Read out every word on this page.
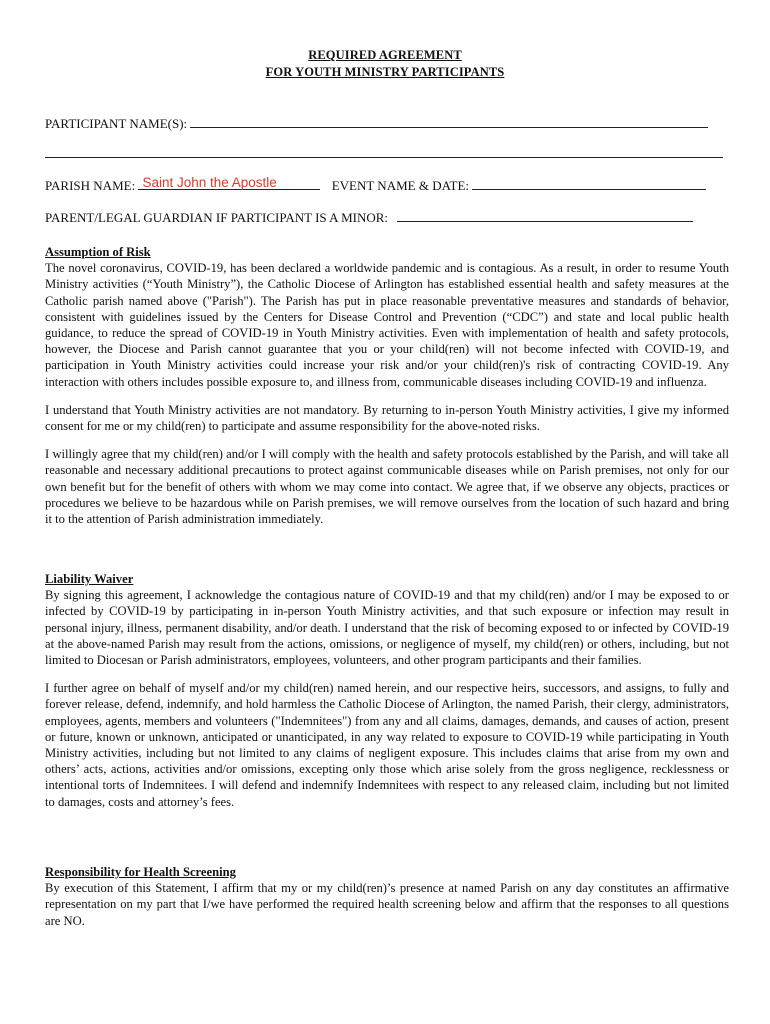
REQUIRED AGREEMENT
FOR YOUTH MINISTRY PARTICIPANTS
PARTICIPANT NAME(S):
PARISH NAME: Saint John the Apostle	EVENT NAME & DATE:
PARENT/LEGAL GUARDIAN IF PARTICIPANT IS A MINOR:
Assumption of Risk
The novel coronavirus, COVID-19, has been declared a worldwide pandemic and is contagious. As a result, in order to resume Youth Ministry activities (“Youth Ministry”), the Catholic Diocese of Arlington has established essential health and safety measures at the Catholic parish named above ("Parish"). The Parish has put in place reasonable preventative measures and standards of behavior, consistent with guidelines issued by the Centers for Disease Control and Prevention (“CDC”) and state and local public health guidance, to reduce the spread of COVID-19 in Youth Ministry activities. Even with implementation of health and safety protocols, however, the Diocese and Parish cannot guarantee that you or your child(ren) will not become infected with COVID-19, and participation in Youth Ministry activities could increase your risk and/or your child(ren)'s risk of contracting COVID-19. Any interaction with others includes possible exposure to, and illness from, communicable diseases including COVID-19 and influenza.
I understand that Youth Ministry activities are not mandatory. By returning to in-person Youth Ministry activities, I give my informed consent for me or my child(ren) to participate and assume responsibility for the above-noted risks.
I willingly agree that my child(ren) and/or I will comply with the health and safety protocols established by the Parish, and will take all reasonable and necessary additional precautions to protect against communicable diseases while on Parish premises, not only for our own benefit but for the benefit of others with whom we may come into contact. We agree that, if we observe any objects, practices or procedures we believe to be hazardous while on Parish premises, we will remove ourselves from the location of such hazard and bring it to the attention of Parish administration immediately.
Liability Waiver
By signing this agreement, I acknowledge the contagious nature of COVID-19 and that my child(ren) and/or I may be exposed to or infected by COVID-19 by participating in in-person Youth Ministry activities, and that such exposure or infection may result in personal injury, illness, permanent disability, and/or death. I understand that the risk of becoming exposed to or infected by COVID-19 at the above-named Parish may result from the actions, omissions, or negligence of myself, my child(ren) or others, including, but not limited to Diocesan or Parish administrators, employees, volunteers, and other program participants and their families.
I further agree on behalf of myself and/or my child(ren) named herein, and our respective heirs, successors, and assigns, to fully and forever release, defend, indemnify, and hold harmless the Catholic Diocese of Arlington, the named Parish, their clergy, administrators, employees, agents, members and volunteers ("Indemnitees") from any and all claims, damages, demands, and causes of action, present or future, known or unknown, anticipated or unanticipated, in any way related to exposure to COVID-19 while participating in Youth Ministry activities, including but not limited to any claims of negligent exposure. This includes claims that arise from my own and others’ acts, actions, activities and/or omissions, excepting only those which arise solely from the gross negligence, recklessness or intentional torts of Indemnitees. I will defend and indemnify Indemnitees with respect to any released claim, including but not limited to damages, costs and attorney’s fees.
Responsibility for Health Screening
By execution of this Statement, I affirm that my or my child(ren)’s presence at named Parish on any day constitutes an affirmative representation on my part that I/we have performed the required health screening below and affirm that the responses to all questions are NO.
